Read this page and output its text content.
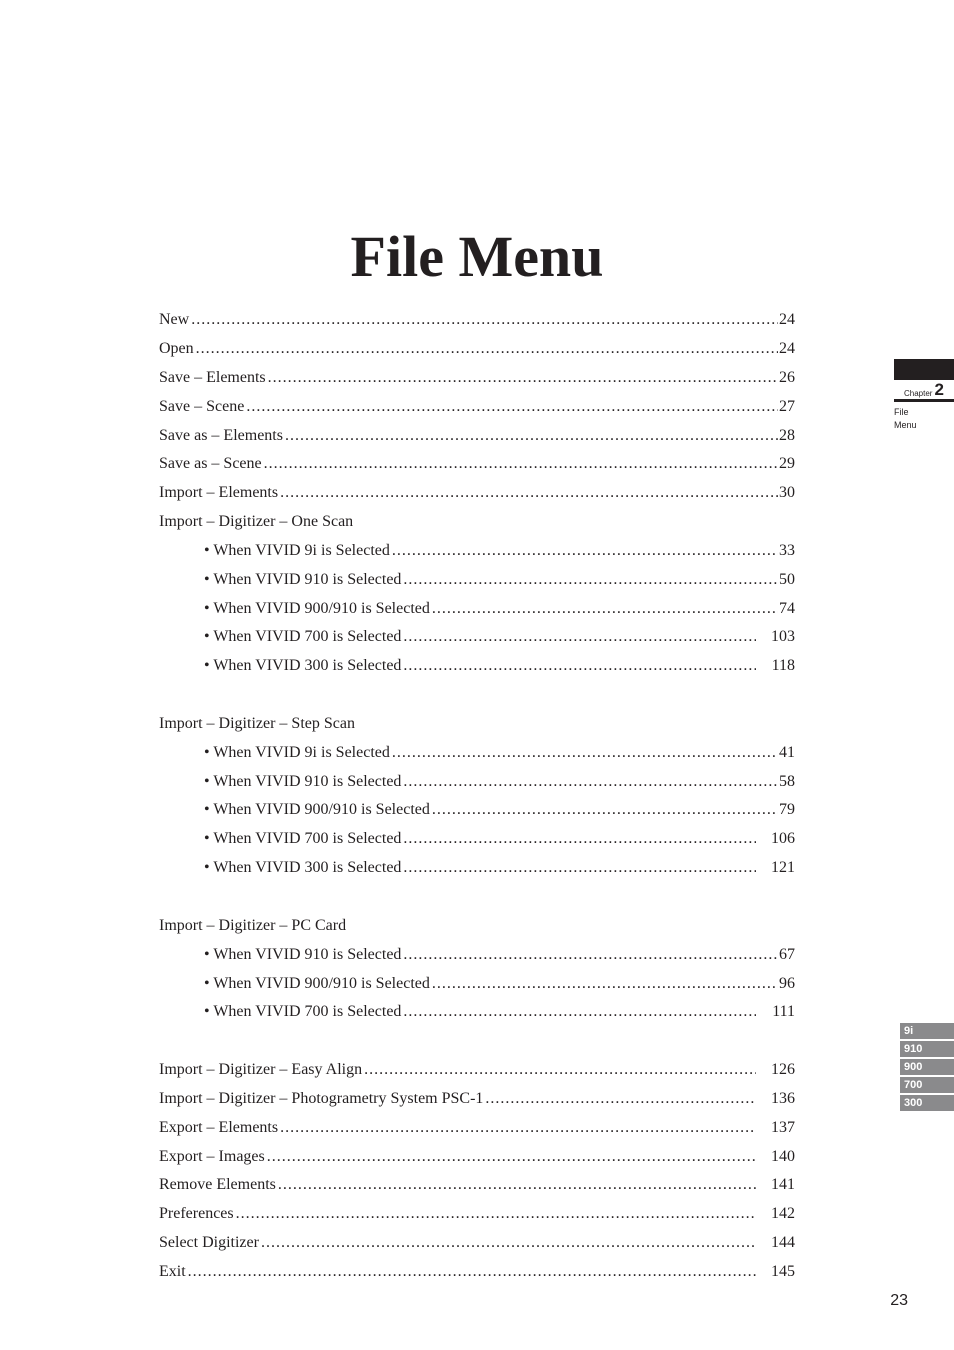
File Menu
New .....	24
Open .....	24
Save – Elements .....	26
Save – Scene .....	27
Save as – Elements .....	28
Save as – Scene .....	29
Import – Elements .....	30
Import – Digitizer – One Scan
• When VIVID 9i is Selected .....	33
• When VIVID 910 is Selected .....	50
• When VIVID 900/910 is Selected .....	74
• When VIVID 700 is Selected .....	103
• When VIVID 300 is Selected .....	118
Import – Digitizer – Step Scan
• When VIVID 9i is Selected .....	41
• When VIVID 910 is Selected .....	58
• When VIVID 900/910 is Selected .....	79
• When VIVID 700 is Selected .....	106
• When VIVID 300 is Selected .....	121
Import – Digitizer – PC Card
• When VIVID 910 is Selected .....	67
• When VIVID 900/910 is Selected .....	96
• When VIVID 700 is Selected .....	111
Import – Digitizer – Easy Align .....	126
Import – Digitizer – Photogrametry System PSC-1 .....	136
Export – Elements .....	137
Export – Images .....	140
Remove Elements .....	141
Preferences .....	142
Select Digitizer .....	144
Exit .....	145
Chapter 2
File
Menu
9i
910
900
700
300
23
